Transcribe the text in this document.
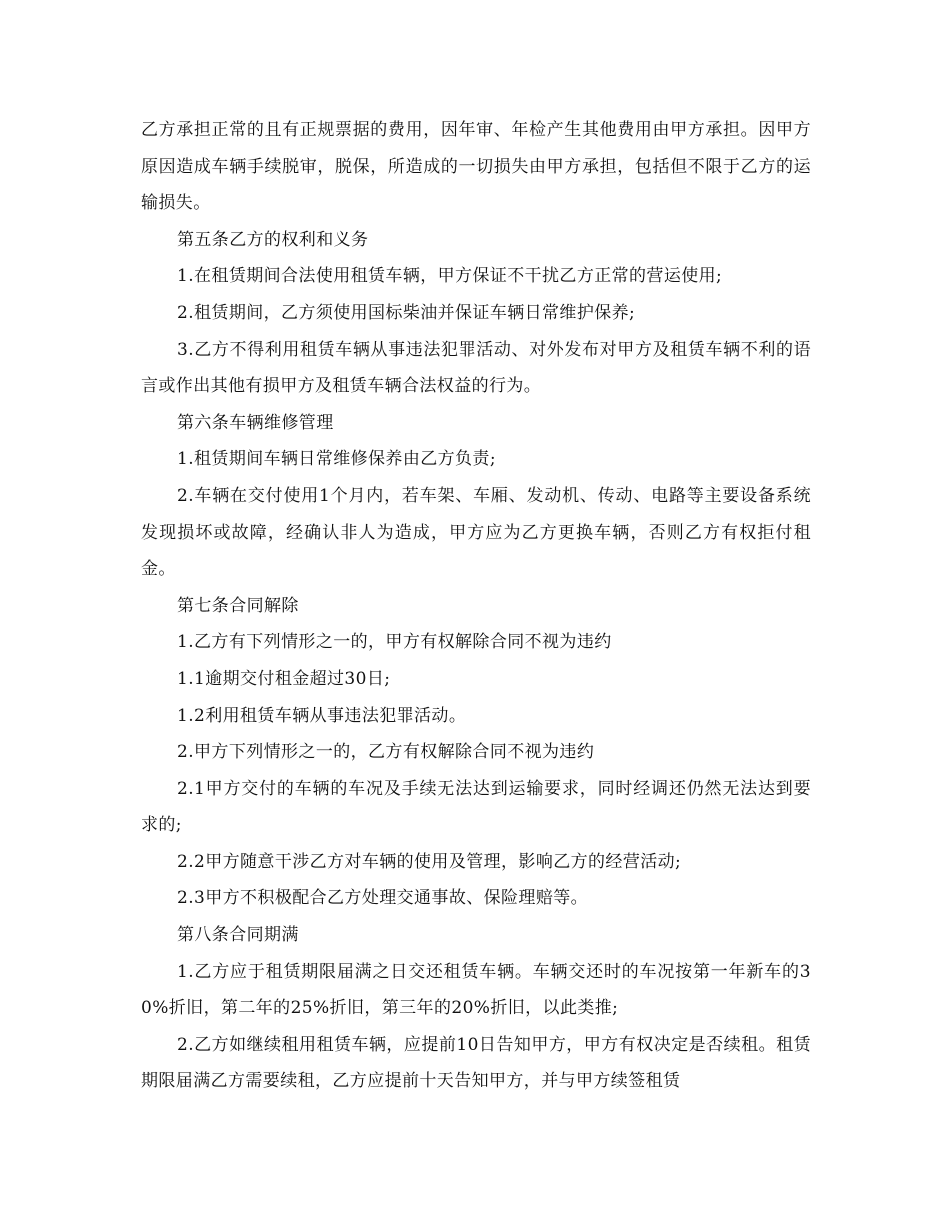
乙方承担正常的且有正规票据的费用，因年审、年检产生其他费用由甲方承担。因甲方原因造成车辆手续脱审，脱保，所造成的一切损失由甲方承担，包括但不限于乙方的运输损失。

第五条乙方的权利和义务

1.在租赁期间合法使用租赁车辆，甲方保证不干扰乙方正常的营运使用;

2.租赁期间，乙方须使用国标柴油并保证车辆日常维护保养;

3.乙方不得利用租赁车辆从事违法犯罪活动、对外发布对甲方及租赁车辆不利的语言或作出其他有损甲方及租赁车辆合法权益的行为。

第六条车辆维修管理

1.租赁期间车辆日常维修保养由乙方负责;

2.车辆在交付使用1个月内，若车架、车厢、发动机、传动、电路等主要设备系统发现损坏或故障，经确认非人为造成，甲方应为乙方更换车辆，否则乙方有权拒付租金。

第七条合同解除

1.乙方有下列情形之一的，甲方有权解除合同不视为违约

1.1逾期交付租金超过30日;

1.2利用租赁车辆从事违法犯罪活动。

2.甲方下列情形之一的，乙方有权解除合同不视为违约

2.1甲方交付的车辆的车况及手续无法达到运输要求，同时经调还仍然无法达到要求的;

2.2甲方随意干涉乙方对车辆的使用及管理，影响乙方的经营活动;

2.3甲方不积极配合乙方处理交通事故、保险理赔等。

第八条合同期满

1.乙方应于租赁期限届满之日交还租赁车辆。车辆交还时的车况按第一年新车的30%折旧，第二年的25%折旧，第三年的20%折旧，以此类推;

2.乙方如继续租用租赁车辆，应提前10日告知甲方，甲方有权决定是否续租。租赁期限届满乙方需要续租，乙方应提前十天告知甲方，并与甲方续签租赁
